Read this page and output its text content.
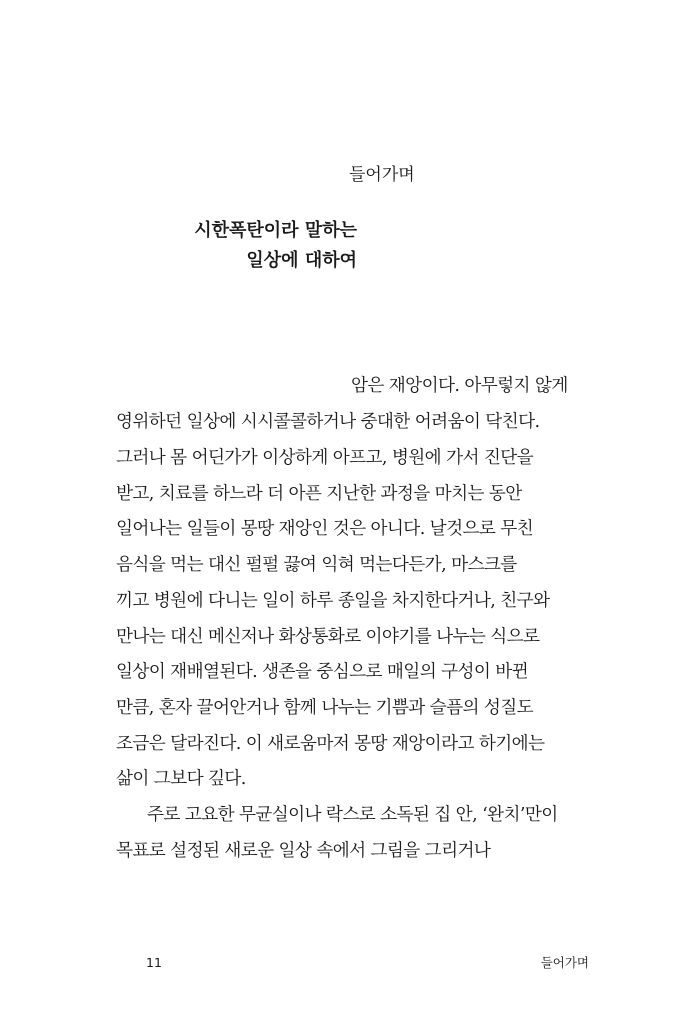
들어가며
시한폭탄이라 말하는
일상에 대하여
암은 재앙이다. 아무렇지 않게
영위하던 일상에 시시콜콜하거나 중대한 어려움이 닥친다.
그러나 몸 어딘가가 이상하게 아프고, 병원에 가서 진단을
받고, 치료를 하느라 더 아픈 지난한 과정을 마치는 동안
일어나는 일들이 몽땅 재앙인 것은 아니다. 날것으로 무친
음식을 먹는 대신 펄펄 끓여 익혀 먹는다든가, 마스크를
끼고 병원에 다니는 일이 하루 종일을 차지한다거나, 친구와
만나는 대신 메신저나 화상통화로 이야기를 나누는 식으로
일상이 재배열된다. 생존을 중심으로 매일의 구성이 바뀐
만큼, 혼자 끌어안거나 함께 나누는 기쁨과 슬픔의 성질도
조금은 달라진다. 이 새로움마저 몽땅 재앙이라고 하기에는
삶이 그보다 깊다.
주로 고요한 무균실이나 락스로 소독된 집 안, ‘완치’만이
목표로 설정된 새로운 일상 속에서 그림을 그리거나
11	들어가며
